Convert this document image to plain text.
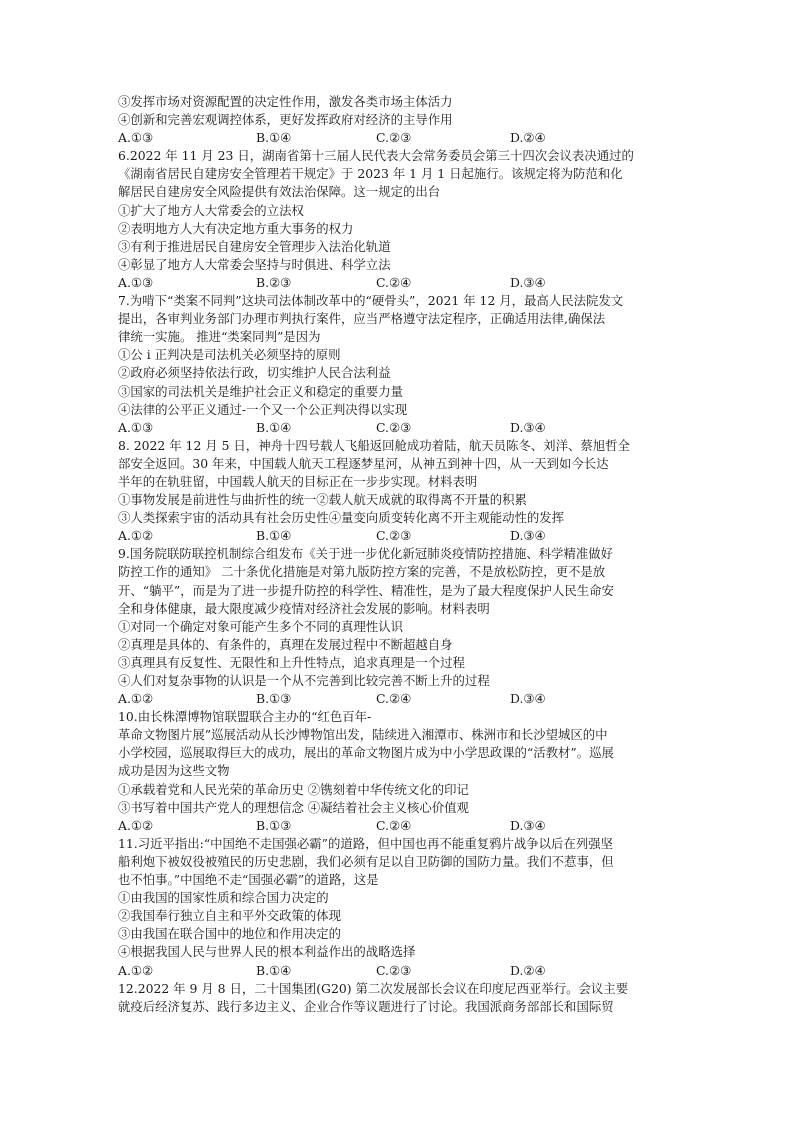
③发挥市场对资源配置的决定性作用，激发各类市场主体活力
④创新和完善宏观调控体系，更好发挥政府对经济的主导作用
A.①③	B.①④	C.②③	D.②④
6.2022 年 11 月 23 日，湖南省第十三届人民代表大会常务委员会第三十四次会议表决通过的
《湖南省居民自建房安全管理若干规定》于 2023 年 1 月 1 日起施行。该规定将为防范和化
解居民自建房安全风险提供有效法治保障。这一规定的出台
①扩大了地方人大常委会的立法权
②表明地方人大有决定地方重大事务的权力
③有利于推进居民自建房安全管理步入法治化轨道
④彰显了地方人大常委会坚持与时俱进、科学立法
A.①③	B.②③	C.②④	D.③④
7.为啃下“类案不同判”这块司法体制改革中的“硬骨头”，2021 年 12 月，最高人民法院发文
提出，各审判业务部门办理市判执行案件，应当严格遵守法定程序，正确适用法律,确保法
律统一实施。 推进“类案同判”是因为
①公 i 正判决是司法机关必须坚持的原则
②政府必须坚持依法行政，切实维护人民合法利益
③国家的司法机关是维护社会正义和稳定的重要力量
④法律的公平正义通过-一个又一个公正判决得以实现
A.①③	B.①④	C.②③	D.③④
8. 2022 年 12 月 5 日，神舟十四号载人飞船返回舱成功着陆，航天员陈冬、刘洋、蔡旭哲全
部安全返回。30 年来，中国载人航天工程逐梦星河，从神五到神十四，从一天到如今长达
半年的在轨驻留，中国载人航天的目标正在一步步实现。材料表明
①事物发展是前进性与曲折性的统一②载人航天成就的取得离不开量的积累
③人类探索宇宙的活动具有社会历史性④量变向质变转化离不开主观能动性的发挥
A.①②	B.①④	C.②③	D.③④
9.国务院联防联控机制综合组发布《关于进一步优化新冠肺炎疫情防控措施、科学精准做好
防控工作的通知》 二十条优化措施是对第九版防控方案的完善，不是放松防控，更不是放
开、“躺平”，而是为了进一步提升防控的科学性、精准性，是为了最大程度保护人民生命安
全和身体健康，最大限度减少疫情对经济社会发展的影响。材料表明
①对同一个确定对象可能产生多个不同的真理性认识
②真理是具体的、有条件的，真理在发展过程中不断超越自身
③真理具有反复性、无限性和上升性特点，追求真理是一个过程
④人们对复杂事物的认识是一个从不完善到比较完善不断上升的过程
A.①②	B.①③	C.②④	D.③④
10.由长株潭博物馆联盟联合主办的“红色百年-
革命文物图片展”巡展活动从长沙博物馆出发，陆续进入湘潭市、株洲市和长沙望城区的中
小学校园，巡展取得巨大的成功，展出的革命文物图片成为中小学思政课的“活教材”。巡展
成功是因为这些文物
①承载着党和人民光荣的革命历史 ②镌刻着中华传统文化的印记
③书写着中国共产党人的理想信念 ④凝结着社会主义核心价值观
A.①②	B.①③	C.②④	D.③④
11.习近平指出:“中国绝不走国强必霸”的道路，但中国也再不能重复鸦片战争以后在列强坚
船利炮下被奴役被殖民的历史悲剧，我们必须有足以自卫防御的国防力量。我们不惹事，但
也不怕事。”中国绝不走“国强必霸”的道路，这是
①由我国的国家性质和综合国力决定的
②我国奉行独立自主和平外交政策的体现
③由我国在联合国中的地位和作用决定的
④根据我国人民与世界人民的根本利益作出的战略选择
A.①②	B.①④	C.②③	D.②④
12.2022 年 9 月 8 日，二十国集团(G20) 第二次发展部长会议在印度尼西亚举行。会议主要
就疫后经济复苏、践行多边主义、企业合作等议题进行了讨论。我国派商务部部长和国际贸
